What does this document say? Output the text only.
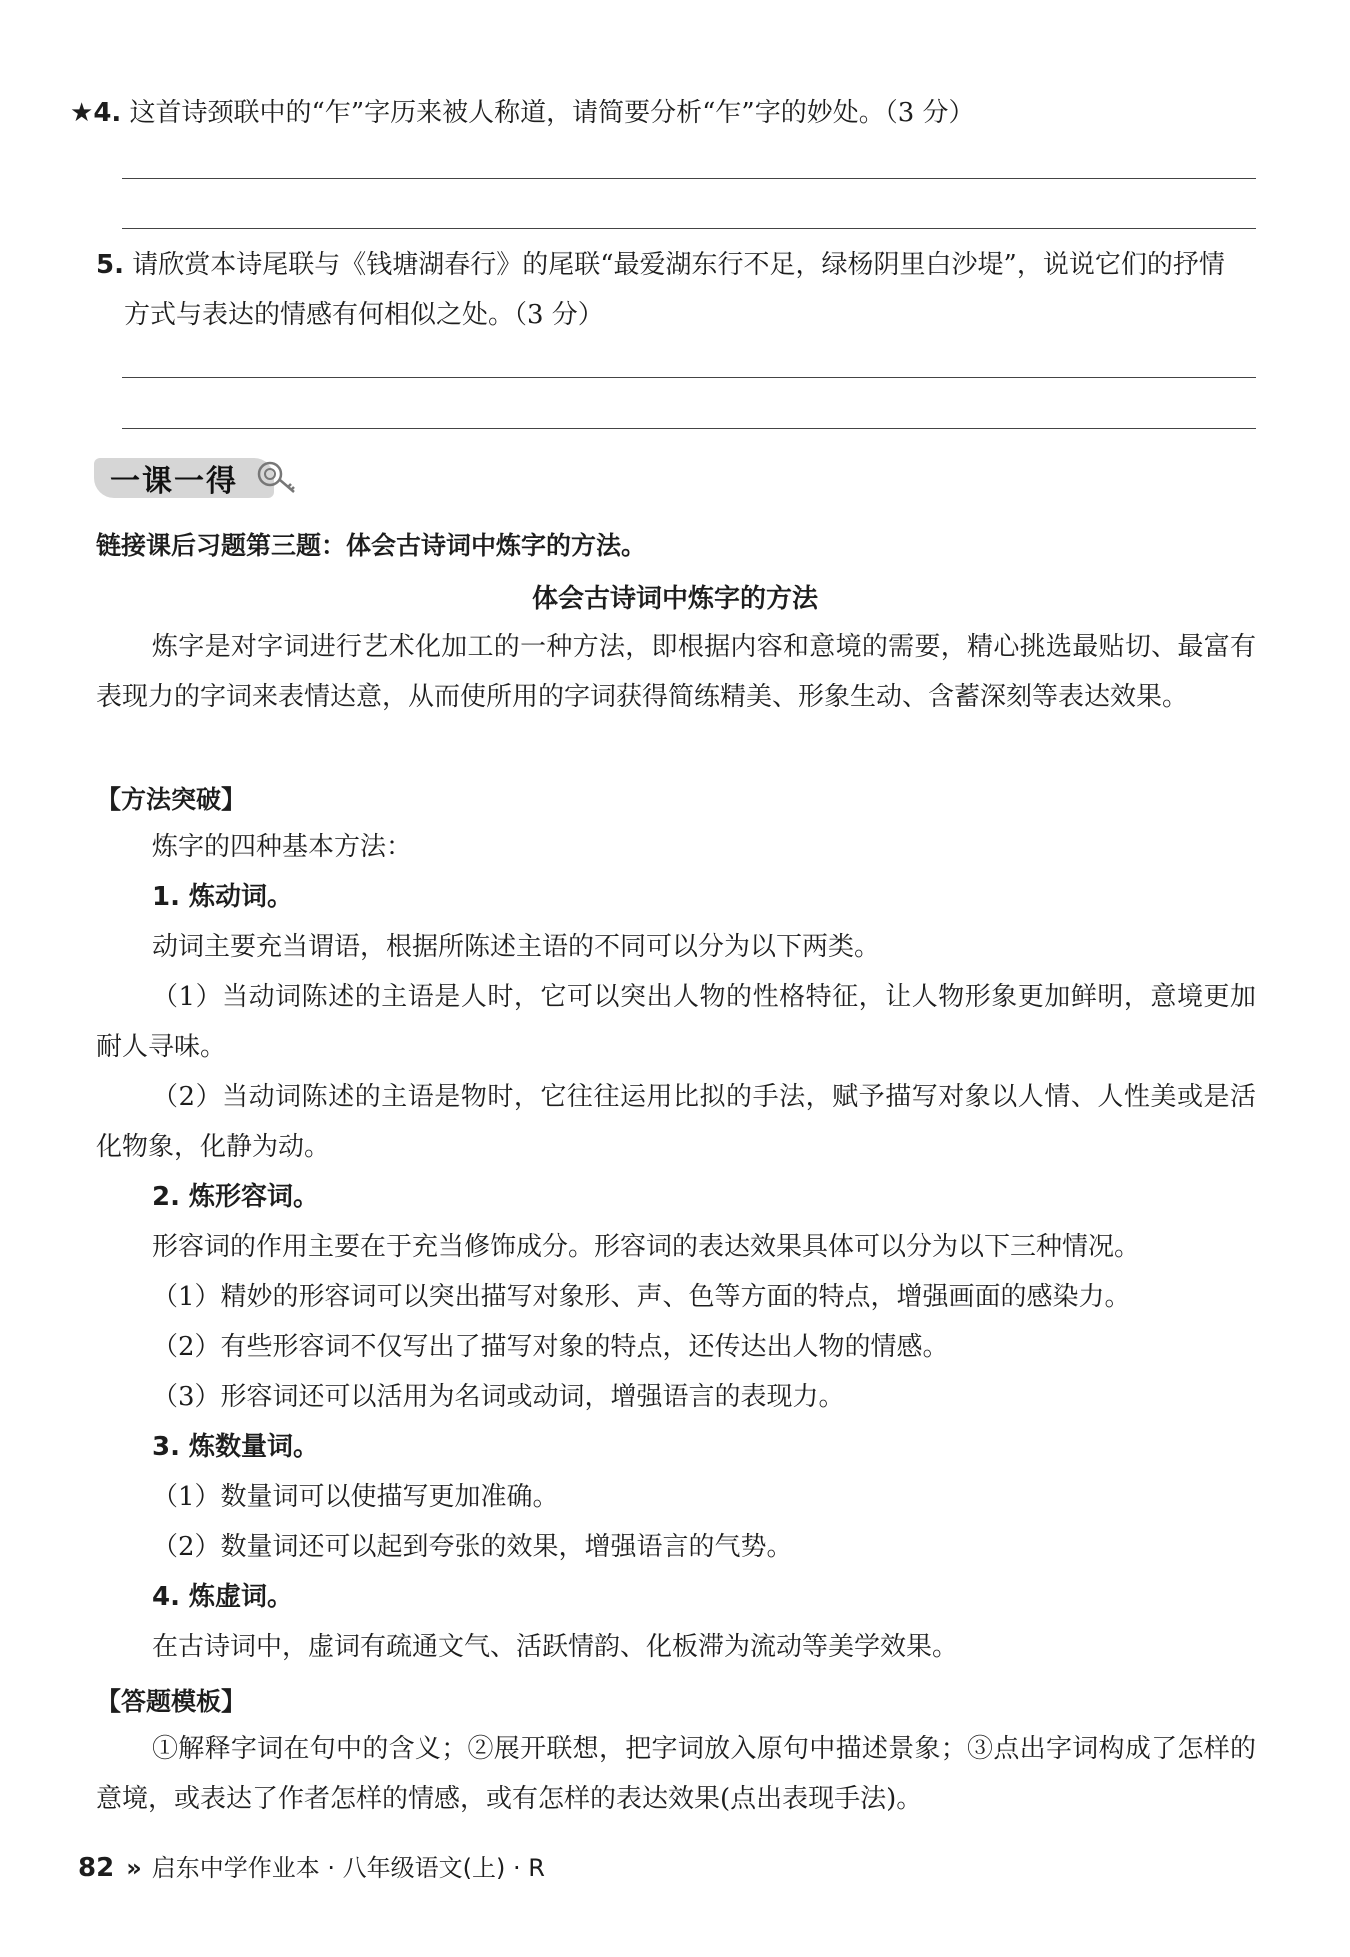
★4. 这首诗颈联中的“乍”字历来被人称道，请简要分析“乍”字的妙处。（3 分）
5. 请欣赏本诗尾联与《钱塘湖春行》的尾联“最爱湖东行不足，绿杨阴里白沙堤”，说说它们的抒情
方式与表达的情感有何相似之处。（3 分）
一课一得
链接课后习题第三题：体会古诗词中炼字的方法。
体会古诗词中炼字的方法
炼字是对字词进行艺术化加工的一种方法，即根据内容和意境的需要，精心挑选最贴切、最富有表现力的字词来表情达意，从而使所用的字词获得简练精美、形象生动、含蓄深刻等表达效果。
【方法突破】
炼字的四种基本方法：
1. 炼动词。
动词主要充当谓语，根据所陈述主语的不同可以分为以下两类。
（1）当动词陈述的主语是人时，它可以突出人物的性格特征，让人物形象更加鲜明，意境更加耐人寻味。
（2）当动词陈述的主语是物时，它往往运用比拟的手法，赋予描写对象以人情、人性美或是活化物象，化静为动。
2. 炼形容词。
形容词的作用主要在于充当修饰成分。形容词的表达效果具体可以分为以下三种情况。
（1）精妙的形容词可以突出描写对象形、声、色等方面的特点，增强画面的感染力。
（2）有些形容词不仅写出了描写对象的特点，还传达出人物的情感。
（3）形容词还可以活用为名词或动词，增强语言的表现力。
3. 炼数量词。
（1）数量词可以使描写更加准确。
（2）数量词还可以起到夸张的效果，增强语言的气势。
4. 炼虚词。
在古诗词中，虚词有疏通文气、活跃情韵、化板滞为流动等美学效果。
【答题模板】
①解释字词在句中的含义；②展开联想，把字词放入原句中描述景象；③点出字词构成了怎样的意境，或表达了作者怎样的情感，或有怎样的表达效果(点出表现手法)。
82 » 启东中学作业本 · 八年级语文(上) · R
